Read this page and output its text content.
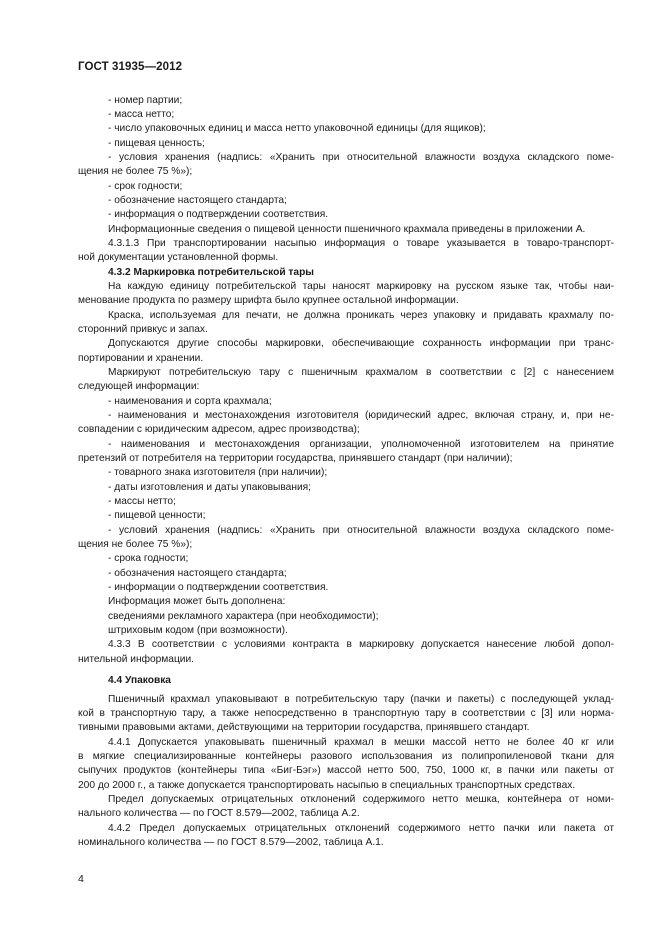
ГОСТ 31935—2012
- номер партии;
- масса нетто;
- число упаковочных единиц и масса нетто упаковочной единицы (для ящиков);
- пищевая ценность;
- условия хранения (надпись: «Хранить при относительной влажности воздуха складского поме-
щения не более 75 %»);
- срок годности;
- обозначение настоящего стандарта;
- информация о подтверждении соответствия.
Информационные сведения о пищевой ценности пшеничного крахмала приведены в приложении А.
4.3.1.3 При транспортировании насыпью информация о товаре указывается в товаро-транспорт-
ной документации установленной формы.
4.3.2 Маркировка потребительской тары
На каждую единицу потребительской тары наносят маркировку на русском языке так, чтобы наи-
менование продукта по размеру шрифта было крупнее остальной информации.
Краска, используемая для печати, не должна проникать через упаковку и придавать крахмалу по-
сторонний привкус и запах.
Допускаются другие способы маркировки, обеспечивающие сохранность информации при транс-
портировании и хранении.
Маркируют потребительскую тару с пшеничным крахмалом в соответствии с [2] с нанесением
следующей информации:
- наименования и сорта крахмала;
- наименования и местонахождения изготовителя (юридический адрес, включая страну, и, при не-
совпадении с юридическим адресом, адрес производства);
- наименования и местонахождения организации, уполномоченной изготовителем на принятие
претензий от потребителя на территории государства, принявшего стандарт (при наличии);
- товарного знака изготовителя (при наличии);
- даты изготовления и даты упаковывания;
- массы нетто;
- пищевой ценности;
- условий хранения (надпись: «Хранить при относительной влажности воздуха складского поме-
щения не более 75 %»);
- срока годности;
- обозначения настоящего стандарта;
- информации о подтверждении соответствия.
Информация может быть дополнена:
сведениями рекламного характера (при необходимости);
штриховым кодом (при возможности).
4.3.3 В соответствии с условиями контракта в маркировку допускается нанесение любой допол-
нительной информации.
4.4 Упаковка
Пшеничный крахмал упаковывают в потребительскую тару (пачки и пакеты) с последующей уклад-
кой в транспортную тару, а также непосредственно в транспортную тару в соответствии с [3] или норма-
тивными правовыми актами, действующими на территории государства, принявшего стандарт.
4.4.1 Допускается упаковывать пшеничный крахмал в мешки массой нетто не более 40 кг или
в мягкие специализированные контейнеры разового использования из полипропиленовой ткани для
сыпучих продуктов (контейнеры типа «Биг-Бэг») массой нетто 500, 750, 1000 кг, в пачки или пакеты от
200 до 2000 г., а также допускается транспортировать насыпью в специальных транспортных средствах.
Предел допускаемых отрицательных отклонений содержимого нетто мешка, контейнера от номи-
нального количества — по ГОСТ 8.579—2002, таблица А.2.
4.4.2 Предел допускаемых отрицательных отклонений содержимого нетто пачки или пакета от
номинального количества — по ГОСТ 8.579—2002, таблица А.1.
4
